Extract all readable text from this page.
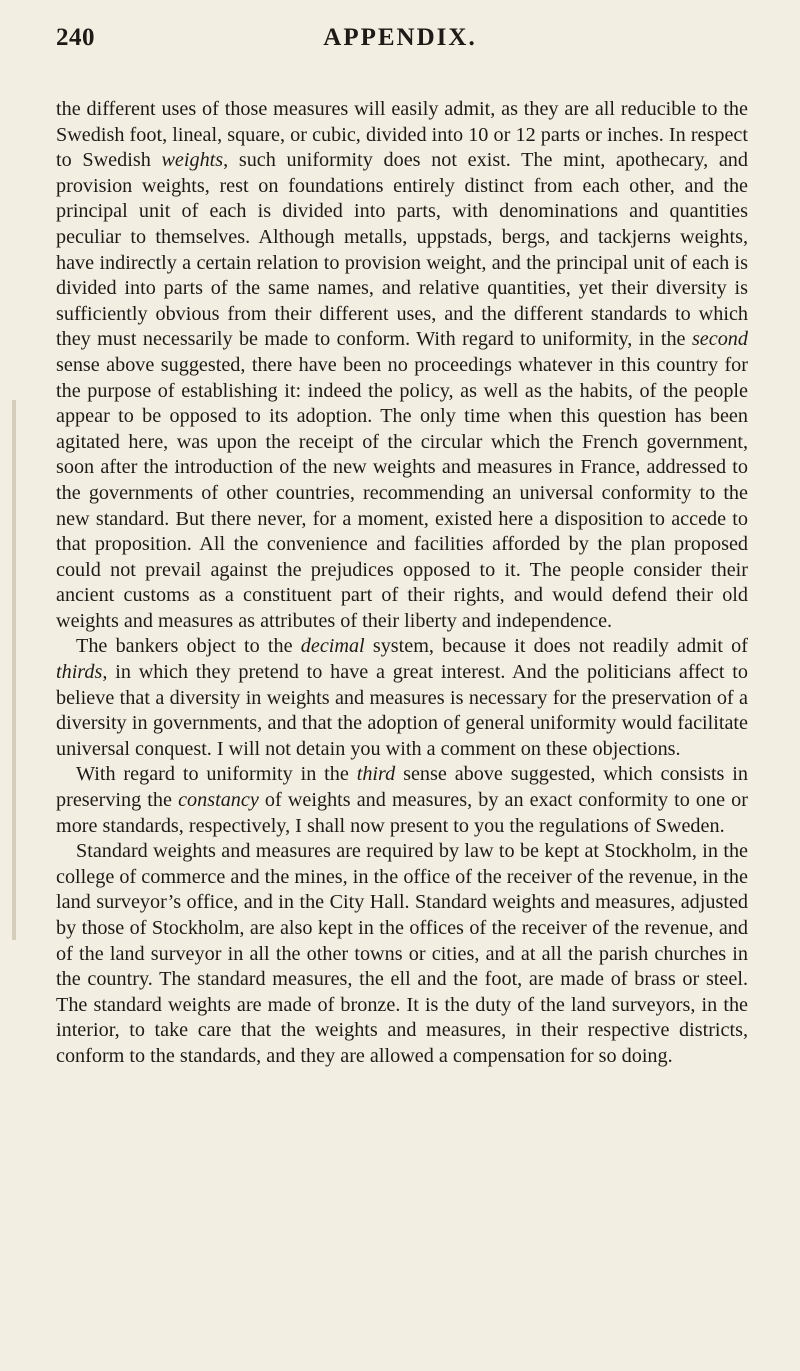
240	APPENDIX.

the different uses of those measures will easily admit, as they are all reducible to the Swedish foot, lineal, square, or cubic, divided into 10 or 12 parts or inches. In respect to Swedish weights, such uniformity does not exist. The mint, apothecary, and provision weights, rest on foundations entirely distinct from each other, and the principal unit of each is divided into parts, with denominations and quantities peculiar to themselves. Although metalls, uppstads, bergs, and tackjerns weights, have indirectly a certain relation to provision weight, and the principal unit of each is divided into parts of the same names, and relative quantities, yet their diversity is sufficiently obvious from their different uses, and the different standards to which they must necessarily be made to conform. With regard to uniformity, in the second sense above suggested, there have been no proceedings whatever in this country for the purpose of establishing it: indeed the policy, as well as the habits, of the people appear to be opposed to its adoption. The only time when this question has been agitated here, was upon the receipt of the circular which the French government, soon after the introduction of the new weights and measures in France, addressed to the governments of other countries, recommending an universal conformity to the new standard. But there never, for a moment, existed here a disposition to accede to that proposition. All the convenience and facilities afforded by the plan proposed could not prevail against the prejudices opposed to it. The people consider their ancient customs as a constituent part of their rights, and would defend their old weights and measures as attributes of their liberty and independence.

The bankers object to the decimal system, because it does not readily admit of thirds, in which they pretend to have a great interest. And the politicians affect to believe that a diversity in weights and measures is necessary for the preservation of a diversity in governments, and that the adoption of general uniformity would facilitate universal conquest. I will not detain you with a comment on these objections.

With regard to uniformity in the third sense above suggested, which consists in preserving the constancy of weights and measures, by an exact conformity to one or more standards, respectively, I shall now present to you the regulations of Sweden.

Standard weights and measures are required by law to be kept at Stockholm, in the college of commerce and the mines, in the office of the receiver of the revenue, in the land surveyor’s office, and in the City Hall. Standard weights and measures, adjusted by those of Stockholm, are also kept in the offices of the receiver of the revenue, and of the land surveyor in all the other towns or cities, and at all the parish churches in the country. The standard measures, the ell and the foot, are made of brass or steel. The standard weights are made of bronze. It is the duty of the land surveyors, in the interior, to take care that the weights and measures, in their respective districts, conform to the standards, and they are allowed a compensation for so doing.
